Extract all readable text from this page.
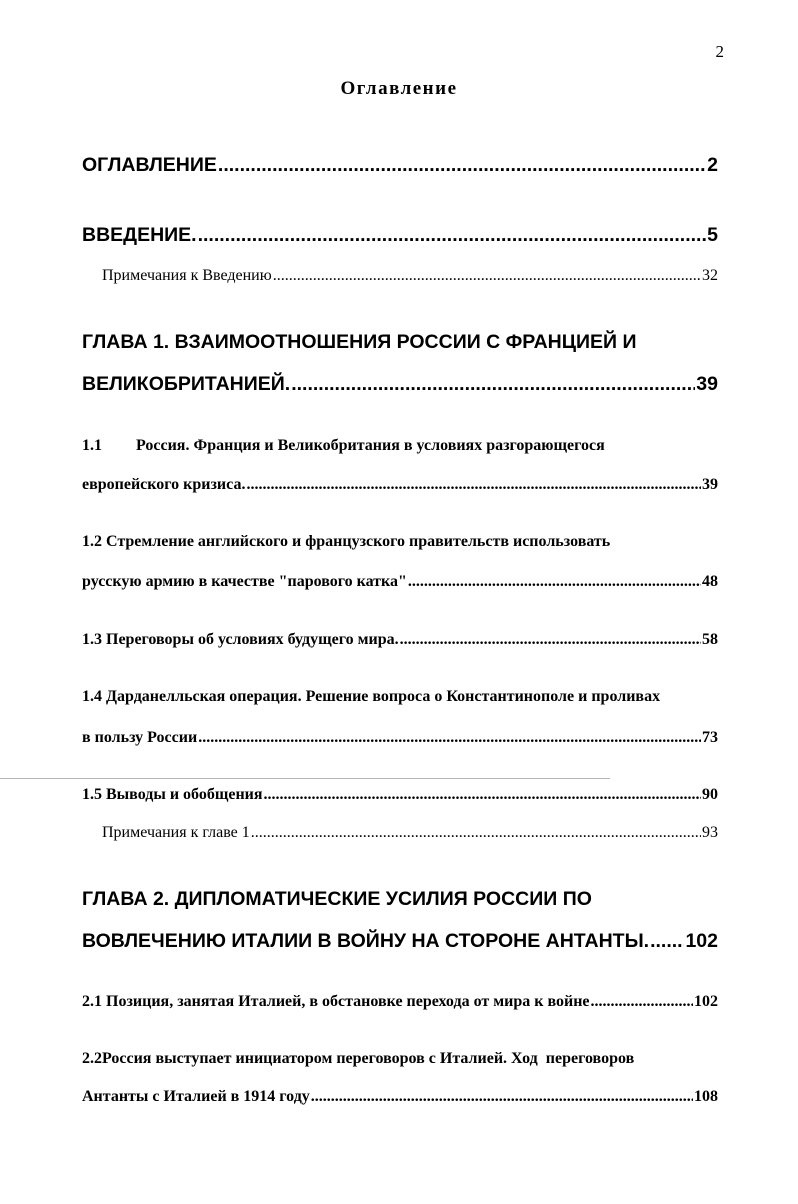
2
Оглавление
ОГЛАВЛЕНИЕ .....	2
ВВЕДЕНИЕ. .....	5
Примечания к Введению .....	32
ГЛАВА 1. ВЗАИМООТНОШЕНИЯ РОССИИ С ФРАНЦИЕЙ И
ВЕЛИКОБРИТАНИЕЙ. .....	39
1.1 Россия. Франция и Великобритания в условиях разгорающегося
европейского кризиса. .....	39
1.2 Стремление английского и французского правительств использовать
русскую армию в качестве "парового катка" .....	48
1.3 Переговоры об условиях будущего мира. .....	58
1.4 Дарданелльская операция. Решение вопроса о Константинополе и проливах
в пользу России .....	73
1.5 Выводы и обобщения .....	90
Примечания к главе 1 .....	93
ГЛАВА 2. ДИПЛОМАТИЧЕСКИЕ УСИЛИЯ РОССИИ ПО
ВОВЛЕЧЕНИЮ ИТАЛИИ В ВОЙНУ НА СТОРОНЕ АНТАНТЫ. ..... 102
2.1 Позиция, занятая Италией, в обстановке перехода от мира к войне .....	102
2.2Россия выступает инициатором переговоров с Италией. Ход  переговоров
Антанты с Италией в 1914 году .....	108
